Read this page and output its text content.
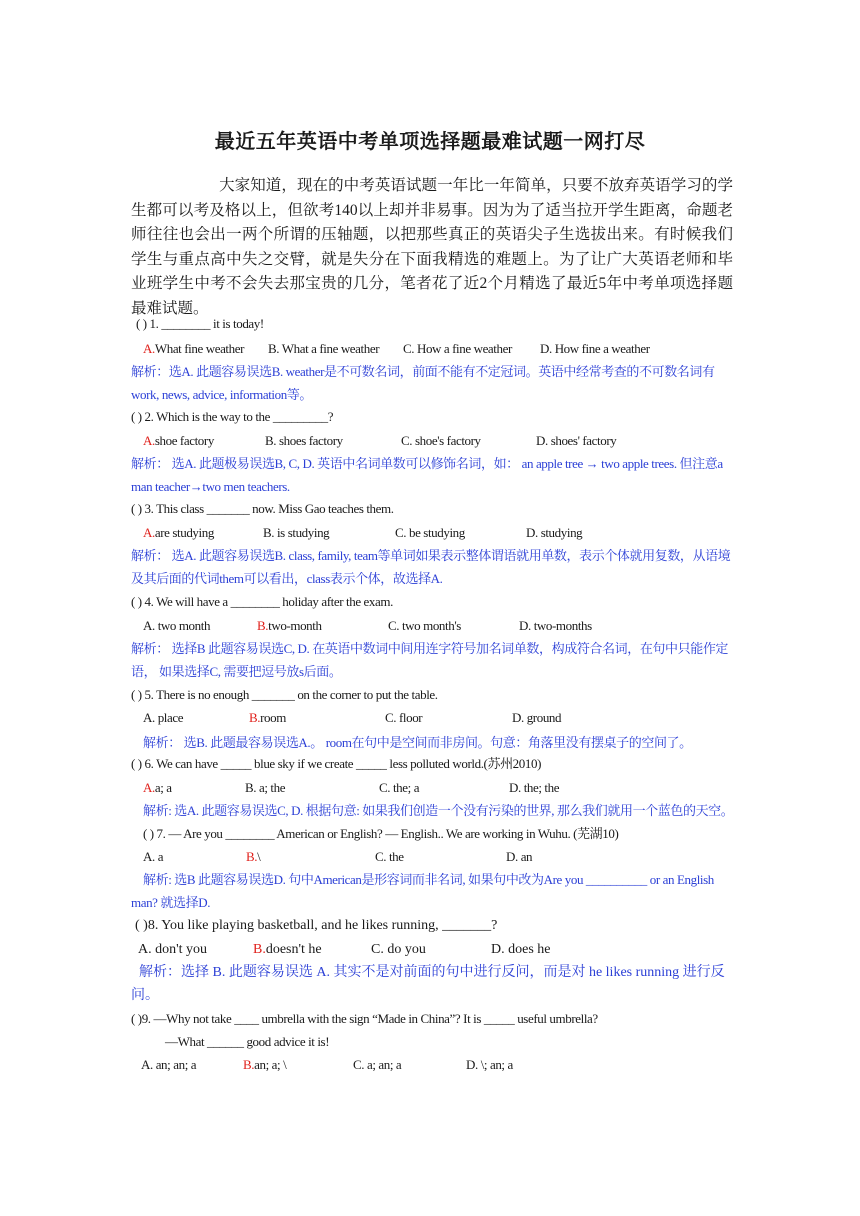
最近五年英语中考单项选择题最难试题一网打尽
大家知道，现在的中考英语试题一年比一年简单，只要不放弃英语学习的学生都可以考及格以上，但欲考140以上却并非易事。因为为了适当拉开学生距离，命题老师往往也会出一两个所谓的压轴题，以把那些真正的英语尖子生选拔出来。有时候我们学生与重点高中失之交臂，就是失分在下面我精选的难题上。为了让广大英语老师和毕业班学生中考不会失去那宝贵的几分，笔者花了近2个月精选了最近5年中考单项选择题最难试题。
( ) 1. ________ it is today!
A.What fine weather B. What a fine weather C. How a fine weather D. How fine a weather
解析：选A. 此题容易误选B. weather是不可数名词，前面不能有不定冠词。英语中经常考查的不可数名词有work, news, advice, information等。
( ) 2. Which is the way to the _________?
A.shoe factory	B. shoes factory	C. shoe's factory	D. shoes' factory
解析： 选A. 此题极易误选B, C, D. 英语中名词单数可以修饰名词，如： an apple tree → two apple trees. 但注意a man teacher→two men teachers.
( ) 3. This class _______ now. Miss Gao teaches them.
A.are studying	B. is studying	C. be studying	D. studying
解析： 选A. 此题容易误选B. class, family, team等单词如果表示整体谓语就用单数，表示个体就用复数，从语境及其后面的代词them可以看出，class表示个体，故选择A.
( ) 4. We will have a ________ holiday after the exam.
A. two month	B.two-month	C. two month's	D. two-months
解析： 选择B 此题容易误选C, D. 在英语中数词中间用连字符号加名词单数，构成符合名词，在句中只能作定语， 如果选择C, 需要把逗号放s后面。
( ) 5. There is no enough _______ on the corner to put the table.
A. place	B.room	C. floor	D. ground
解析： 选B. 此题最容易误选A.。 room在句中是空间而非房间。句意：角落里没有摆桌子的空间了。
( ) 6. We can have _____ blue sky if we create _____ less polluted world.(苏州2010)
A.a; a	B. a; the	C. the; a	D. the; the
解析: 选A. 此题容易误选C, D. 根据句意: 如果我们创造一个没有污染的世界, 那么我们就用一个蓝色的天空。
( ) 7. — Are you ________ American or English? — English.. We are working in Wuhu. (芜湖10)
A. a	B.\	C. the	D. an
解析: 选B 此题容易误选D. 句中American是形容词而非名词, 如果句中改为Are you __________ or an English man? 就选择D.
( )8. You like playing basketball, and he likes running, _______?
A. don't you	B.doesn't he	C. do you	D. does he
解析：选择 B. 此题容易误选 A. 其实不是对前面的句中进行反问，而是对 he likes running 进行反问。
( )9. —Why not take ____ umbrella with the sign “Made in China”? It is _____ useful umbrella?
—What ______ good advice it is!
A. an; an; a	B.an; a; \	C. a; an; a	D. \; an; a
